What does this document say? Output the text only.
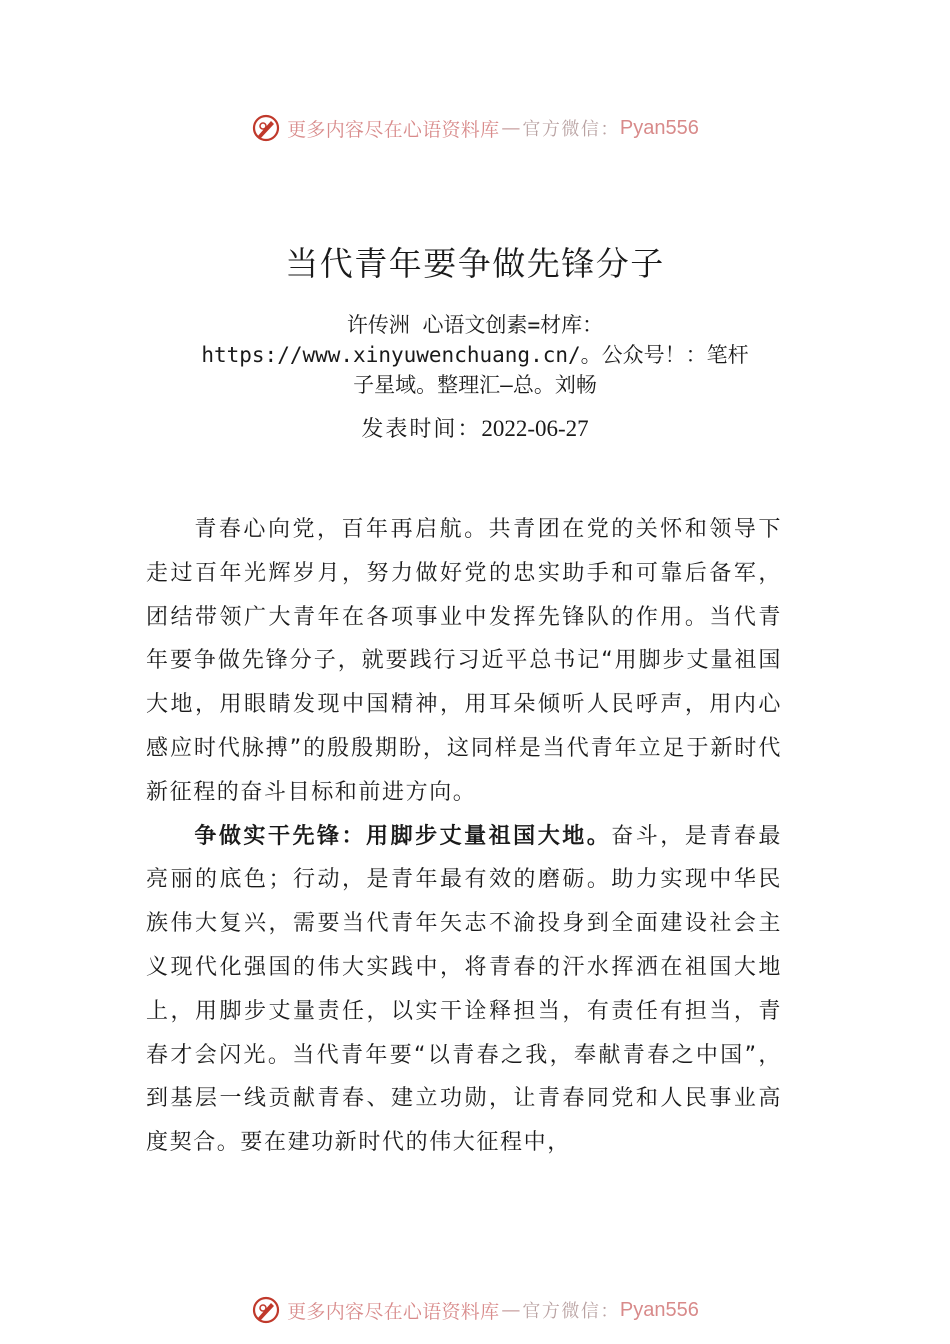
更多内容尽在心语资料库 — 官方微信： Pyan556
当代青年要争做先锋分子
许传洲 心语文创素=材库：
https://www.xinyuwenchuang.cn/。公众号！：笔杆
子星域。整理汇—总。刘畅
发表时间：2022-06-27

青春心向党，百年再启航。共青团在党的关怀和领导下走过百年光辉岁月，努力做好党的忠实助手和可靠后备军，团结带领广大青年在各项事业中发挥先锋队的作用。当代青年要争做先锋分子，就要践行习近平总书记“用脚步丈量祖国大地，用眼睛发现中国精神，用耳朵倾听人民呼声，用内心感应时代脉搏”的殷殷期盼，这同样是当代青年立足于新时代新征程的奋斗目标和前进方向。

争做实干先锋：用脚步丈量祖国大地。奋斗，是青春最亮丽的底色；行动，是青年最有效的磨砺。助力实现中华民族伟大复兴，需要当代青年矢志不渝投身到全面建设社会主义现代化强国的伟大实践中，将青春的汗水挥洒在祖国大地上，用脚步丈量责任，以实干诠释担当，有责任有担当，青春才会闪光。当代青年要“以青春之我，奉献青春之中国”，到基层一线贡献青春、建立功勋，让青春同党和人民事业高度契合。要在建功新时代的伟大征程中，

更多内容尽在心语资料库 — 官方微信： Pyan556
